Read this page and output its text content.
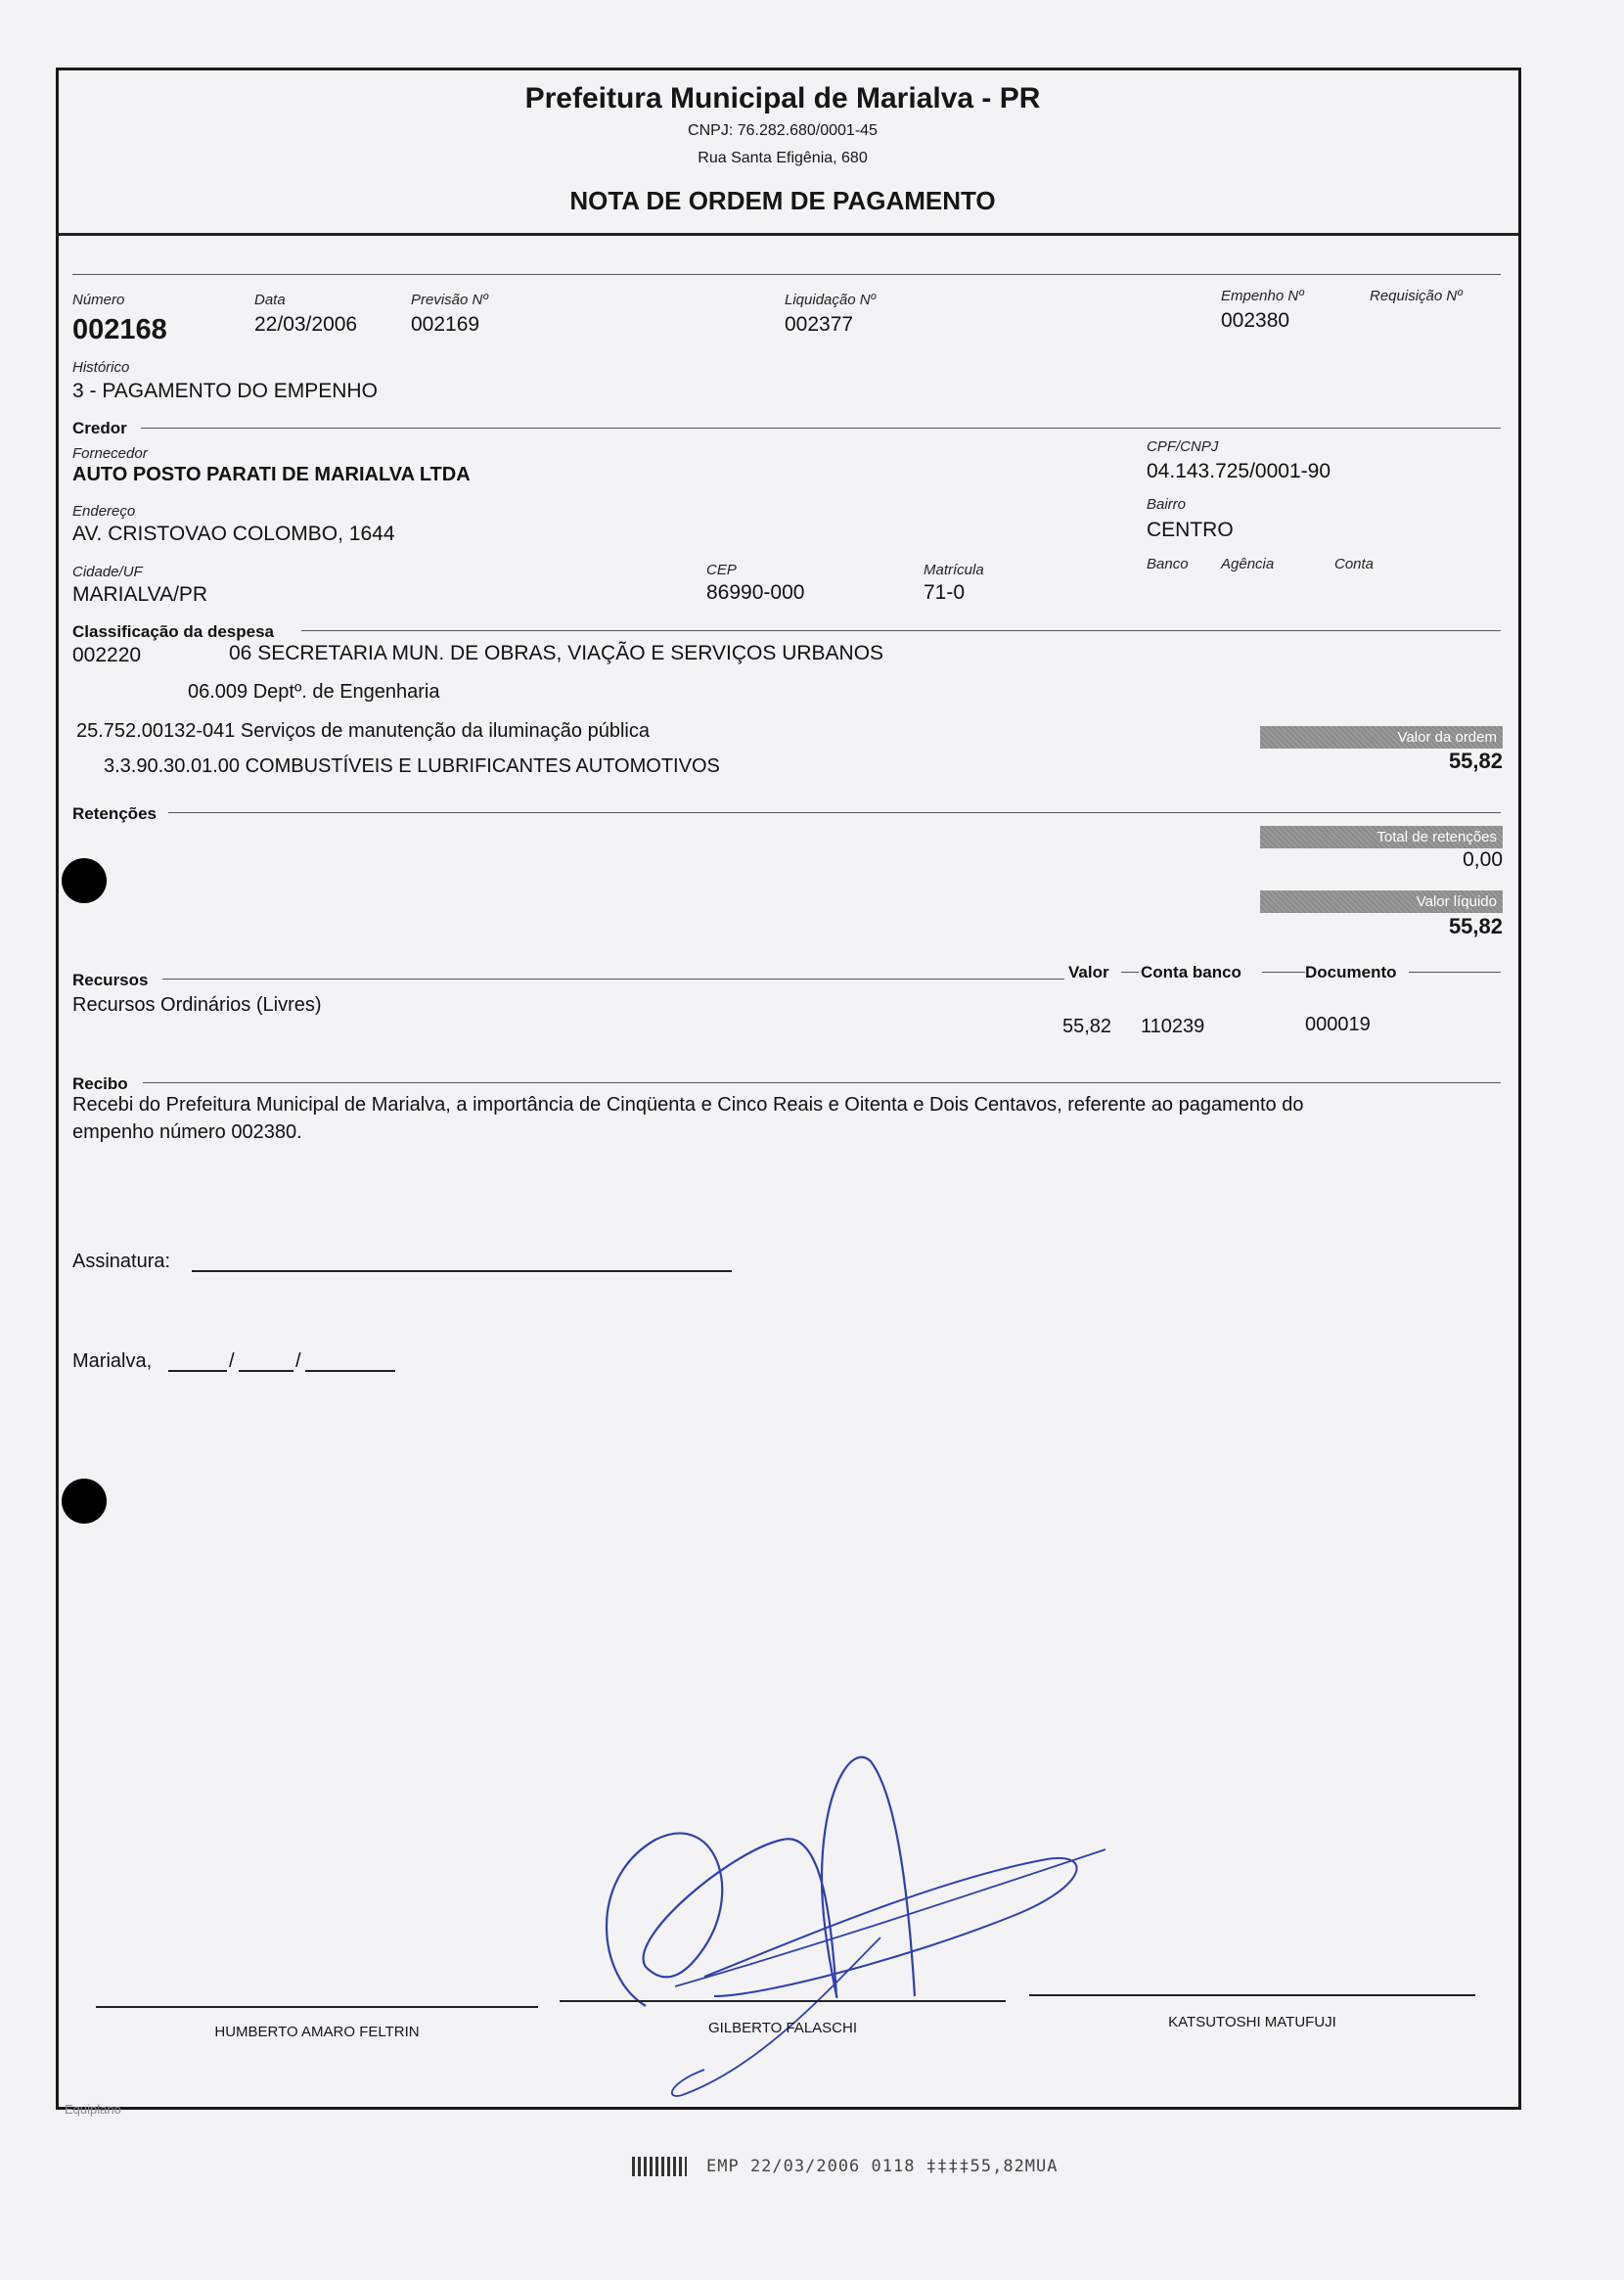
Prefeitura Municipal de Marialva - PR
CNPJ: 76.282.680/0001-45
Rua Santa Efigênia, 680
NOTA DE ORDEM DE PAGAMENTO
Número
002168
Data
22/03/2006
Previsão Nº
002169
Liquidação Nº
002377
Empenho Nº
002380
Requisição Nº
Histórico
3 - PAGAMENTO DO EMPENHO
Credor
Fornecedor
AUTO POSTO PARATI DE MARIALVA LTDA
CPF/CNPJ
04.143.725/0001-90
Endereço
AV. CRISTOVAO COLOMBO, 1644
Bairro
CENTRO
Cidade/UF
MARIALVA/PR
CEP
86990-000
Matrícula
71-0
Banco Agência	Conta
Classificação da despesa
002220	06 SECRETARIA MUN. DE OBRAS, VIAÇÃO E SERVIÇOS URBANOS
06.009 Deptº. de Engenharia
25.752.00132-041 Serviços de manutenção da iluminação pública
3.3.90.30.01.00 COMBUSTÍVEIS E LUBRIFICANTES AUTOMOTIVOS
Valor da ordem
55,82
Total de retenções
0,00
Valor líquido
55,82
Retenções
Recursos	Valor Conta banco	Documento
Recursos Ordinários (Livres)
55,82 110239	000019
Recibo
Recebi do Prefeitura Municipal de Marialva, a importância de Cinqüenta e Cinco Reais e Oitenta e Dois Centavos, referente ao pagamento do
empenho número 002380.
Assinatura:
Marialva,	/	/
HUMBERTO AMARO FELTRIN	GILBERTO FALASCHI	KATSUTOSHI MATUFUJI
Equiplano
EMP 22/03/2006 0118 ‡‡‡‡55,82MUA
